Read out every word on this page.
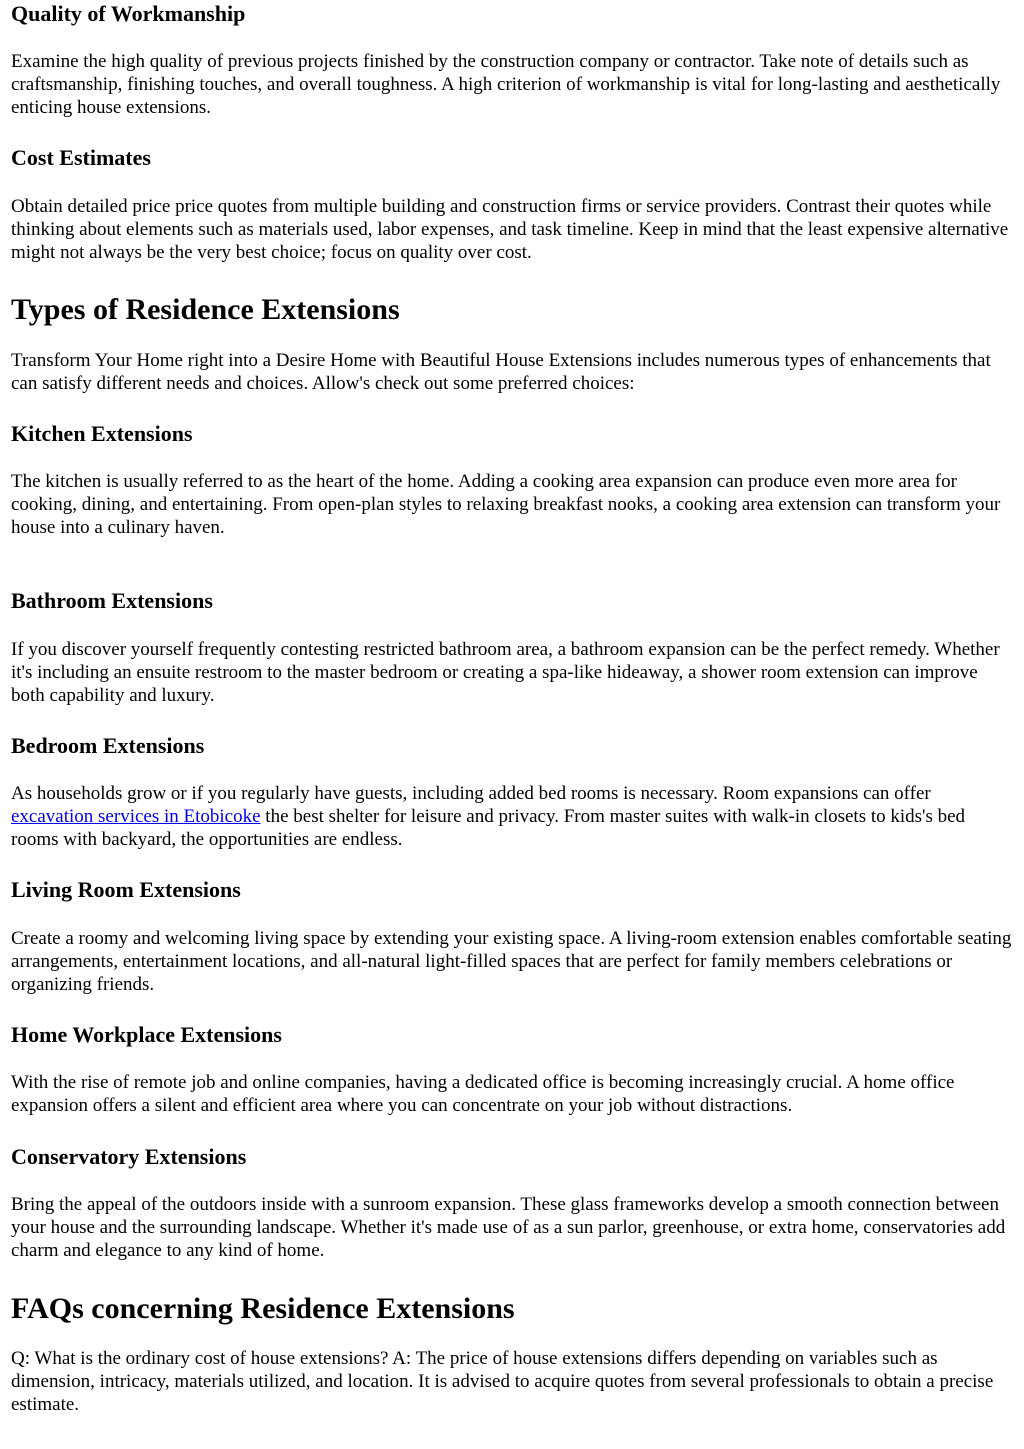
Quality of Workmanship

Examine the high quality of previous projects finished by the construction company or contractor. Take note of details such as craftsmanship, finishing touches, and overall toughness. A high criterion of workmanship is vital for long-lasting and aesthetically enticing house extensions.

Cost Estimates

Obtain detailed price price quotes from multiple building and construction firms or service providers. Contrast their quotes while thinking about elements such as materials used, labor expenses, and task timeline. Keep in mind that the least expensive alternative might not always be the very best choice; focus on quality over cost.

Types of Residence Extensions

Transform Your Home right into a Desire Home with Beautiful House Extensions includes numerous types of enhancements that can satisfy different needs and choices. Allow's check out some preferred choices:

Kitchen Extensions

The kitchen is usually referred to as the heart of the home. Adding a cooking area expansion can produce even more area for cooking, dining, and entertaining. From open-plan styles to relaxing breakfast nooks, a cooking area extension can transform your house into a culinary haven.

Bathroom Extensions

If you discover yourself frequently contesting restricted bathroom area, a bathroom expansion can be the perfect remedy. Whether it's including an ensuite restroom to the master bedroom or creating a spa-like hideaway, a shower room extension can improve both capability and luxury.

Bedroom Extensions

As households grow or if you regularly have guests, including added bed rooms is necessary. Room expansions can offer excavation services in Etobicoke the best shelter for leisure and privacy. From master suites with walk-in closets to kids's bed rooms with backyard, the opportunities are endless.

Living Room Extensions

Create a roomy and welcoming living space by extending your existing space. A living-room extension enables comfortable seating arrangements, entertainment locations, and all-natural light-filled spaces that are perfect for family members celebrations or organizing friends.

Home Workplace Extensions

With the rise of remote job and online companies, having a dedicated office is becoming increasingly crucial. A home office expansion offers a silent and efficient area where you can concentrate on your job without distractions.

Conservatory Extensions

Bring the appeal of the outdoors inside with a sunroom expansion. These glass frameworks develop a smooth connection between your house and the surrounding landscape. Whether it's made use of as a sun parlor, greenhouse, or extra home, conservatories add charm and elegance to any kind of home.

FAQs concerning Residence Extensions

Q: What is the ordinary cost of house extensions? A: The price of house extensions differs depending on variables such as dimension, intricacy, materials utilized, and location. It is advised to acquire quotes from several professionals to obtain a precise estimate.
